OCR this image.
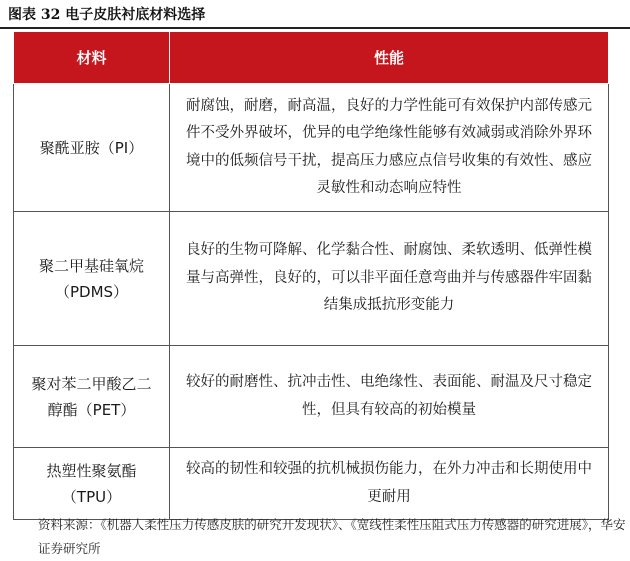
图表 32 电子皮肤衬底材料选择
材料	性能
聚酰亚胺（PI）	耐腐蚀，耐磨，耐高温，良好的力学性能可有效保护内部传感元件不受外界破坏，优异的电学绝缘性能够有效减弱或消除外界环境中的低频信号干扰，提高压力感应点信号收集的有效性、感应灵敏性和动态响应特性

聚二甲基硅氧烷
（PDMS）	良好的生物可降解、化学黏合性、耐腐蚀、柔软透明、低弹性模量与高弹性，良好的，可以非平面任意弯曲并与传感器件牢固黏结集成抵抗形变能力

聚对苯二甲酸乙二
醇酯（PET）	较好的耐磨性、抗冲击性、电绝缘性、表面能、耐温及尺寸稳定性，但具有较高的初始模量

热塑性聚氨酯
（TPU）	较高的韧性和较强的抗机械损伤能力，在外力冲击和长期使用中更耐用
资料来源：《机器人柔性压力传感皮肤的研究开发现状》、《宽线性柔性压阻式压力传感器的研究进展》，华安证券研究所
